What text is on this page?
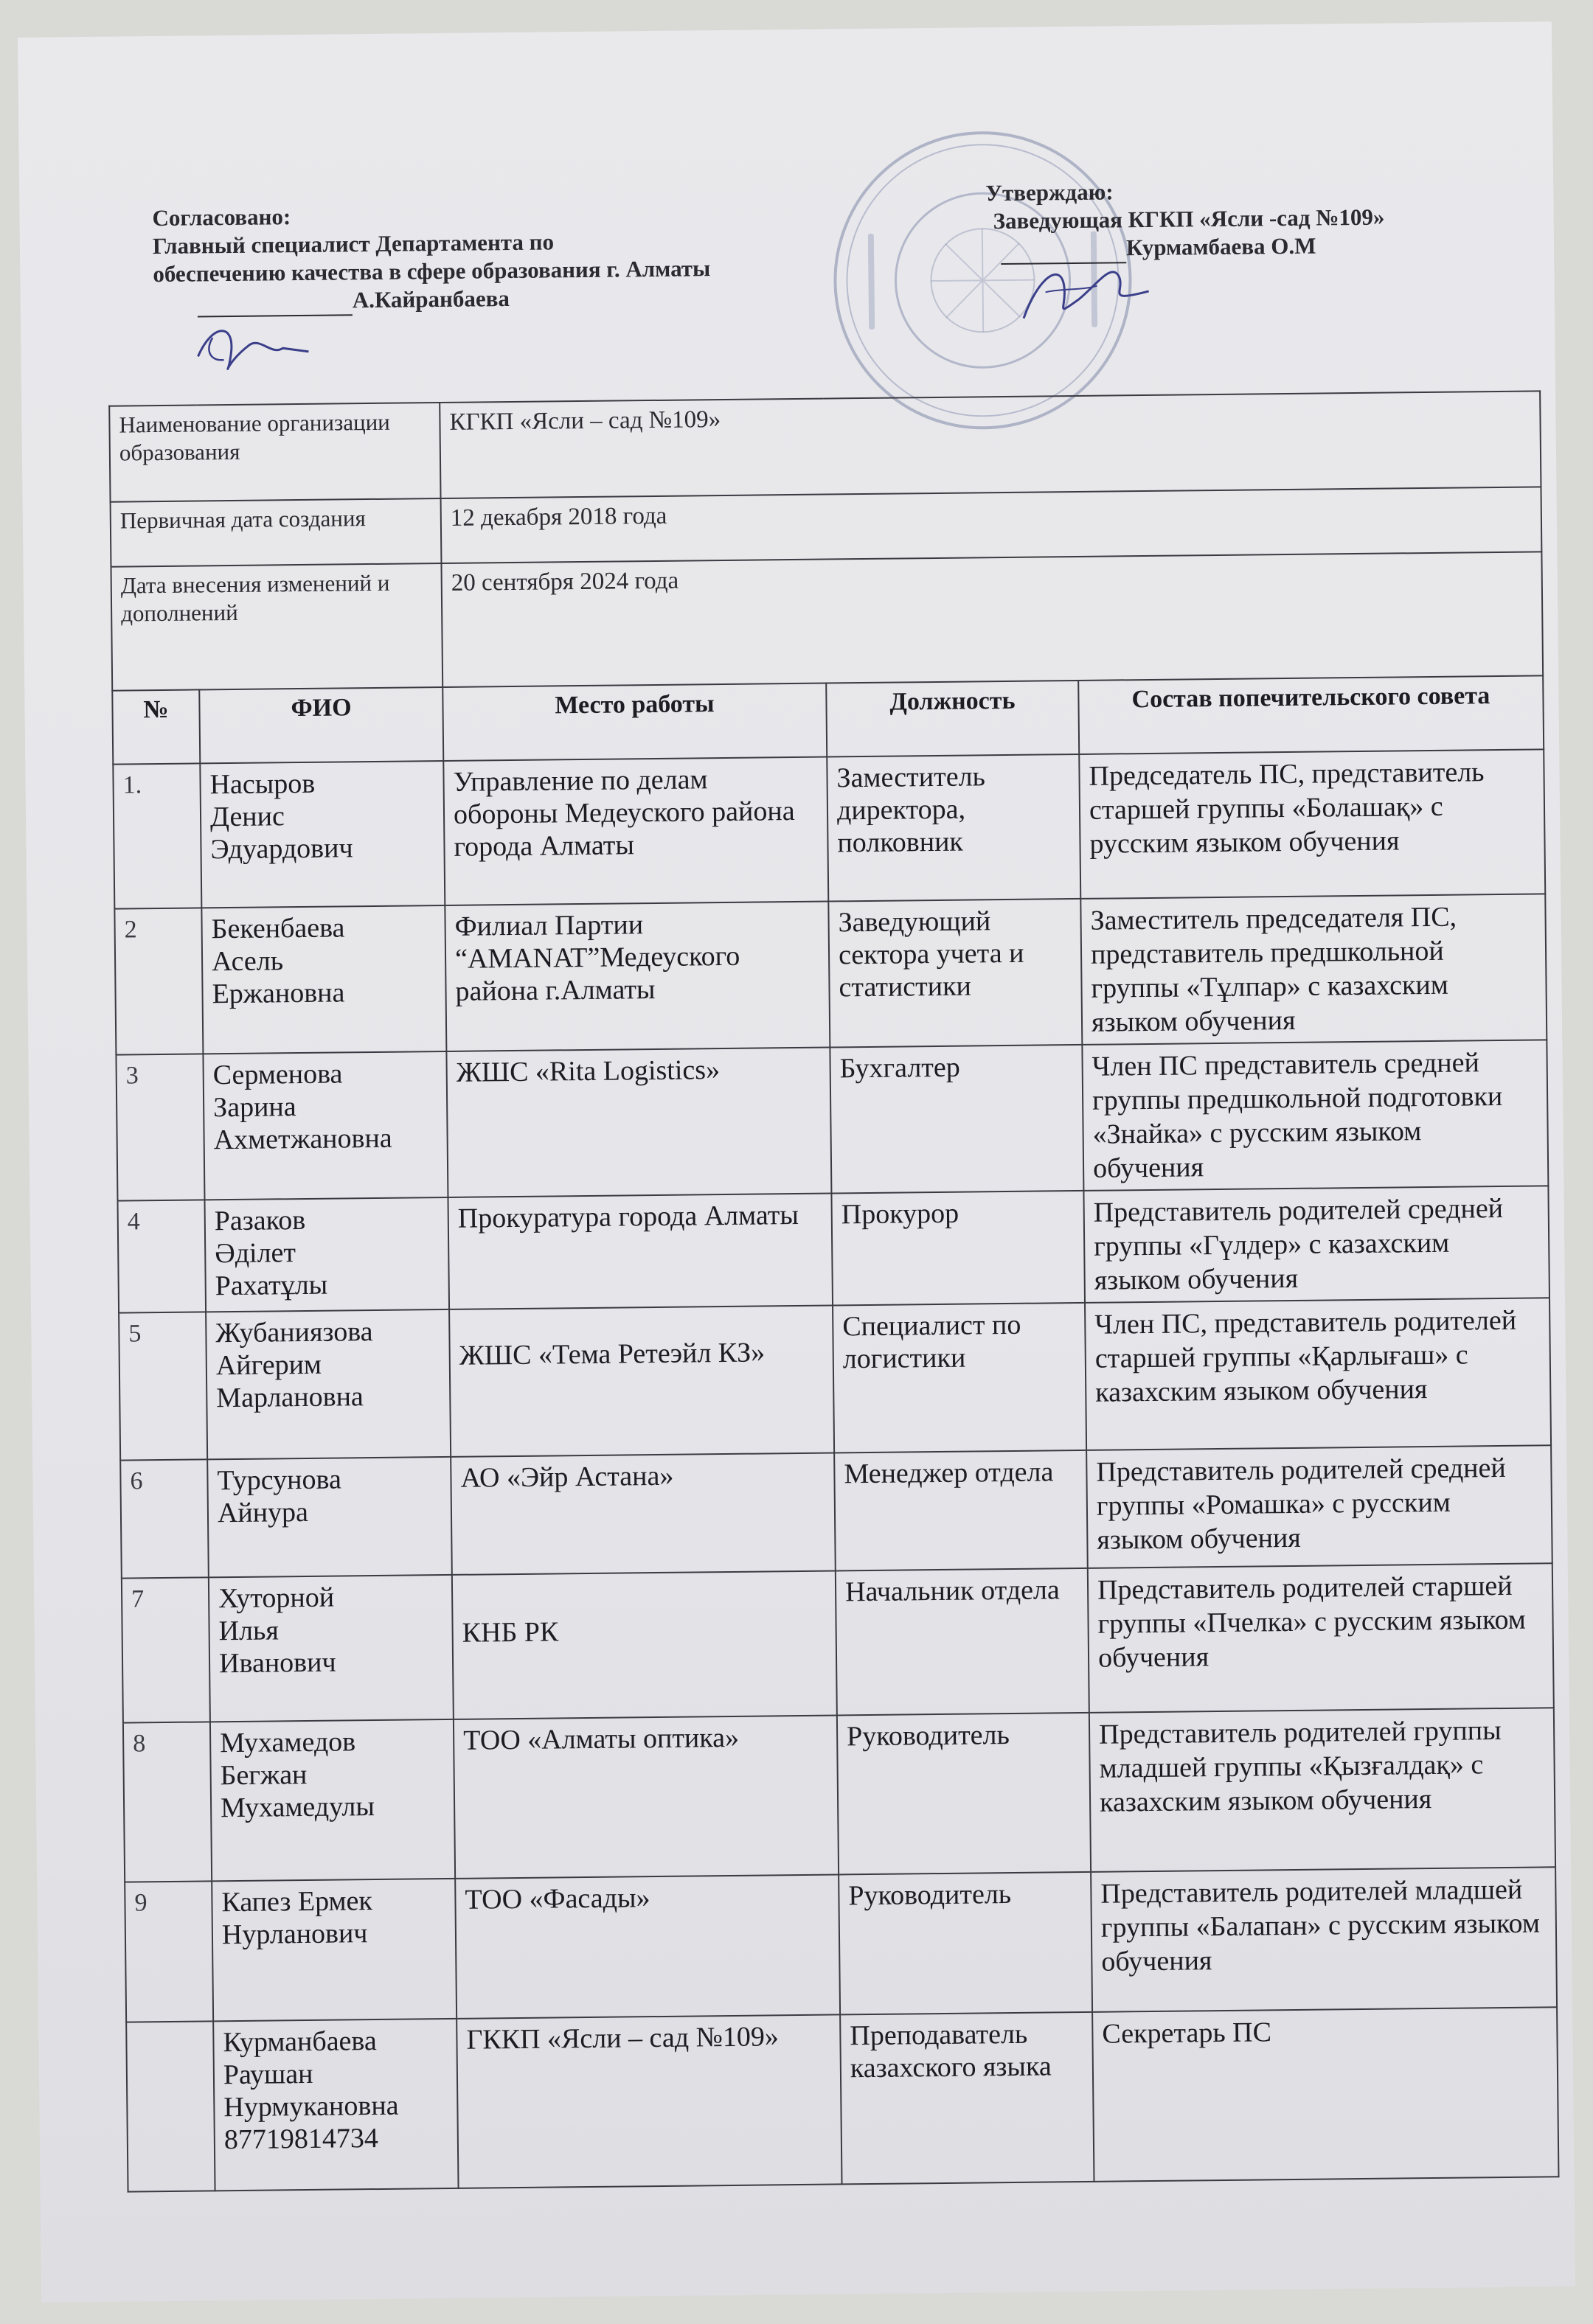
Согласовано:
Главный специалист Департамента по
обеспечению качества в сфере образования г. Алматы
А.Кайранбаева
Утверждаю:
Заведующая КГКП «Ясли -сад №109»
Курмамбаева О.М
Наименование организации образования		КГКП «Ясли – сад №109»		
Первичная дата создания		12 декабря 2018 года		
Дата внесения изменений и дополнений		20 сентября 2024 года		
№	ФИО	Место работы	Должность	Состав попечительского совета
1.	Насыров
Денис
Эдуардович	Управление по делам обороны Медеуского района города Алматы	Заместитель директора, полковник	Председатель ПС, представитель старшей группы «Болашақ» с русским языком обучения
2	Бекенбаева
Асель
Ержановна	Филиал Партии “AMANAT”Медеуского района г.Алматы	Заведующий сектора учета и статистики	Заместитель председателя ПС, представитель предшкольной группы «Тұлпар» с казахским языком обучения
3	Серменова
Зарина
Ахметжановна	ЖШС «Rita Logistics»	Бухгалтер	Член ПС представитель средней группы предшкольной подготовки «Знайка» с русским языком обучения
4	Разаков
Әділет
Рахатұлы	Прокуратура города Алматы	Прокурор	Представитель родителей средней группы «Гүлдер» с казахским языком обучения
5	Жубаниязова
Айгерим
Марлановна	ЖШС «Тема Ретеэйл КЗ»	Специалист по логистики	Член ПС, представитель родителей старшей группы «Қарлығаш» с казахским языком обучения
6	Турсунова
Айнура	АО «Эйр Астана»	Менеджер отдела	Представитель родителей средней группы «Ромашка» с русским языком обучения
7	Хуторной
Илья
Иванович	КНБ РК	Начальник отдела	Представитель родителей старшей группы «Пчелка» с русским языком обучения
8	Мухамедов
Бегжан
Мухамедулы	ТОО «Алматы оптика»	Руководитель	Представитель родителей группы младшей группы «Қызғалдақ» с казахским языком обучения
9	Капез Ермек
Нурланович	ТОО «Фасады»	Руководитель	Представитель родителей младшей группы «Балапан» с русским языком обучения

	Курманбаева
Раушан
Нурмукановна
87719814734	ГККП «Ясли – сад №109»	Преподаватель казахского языка	Секретарь ПС
